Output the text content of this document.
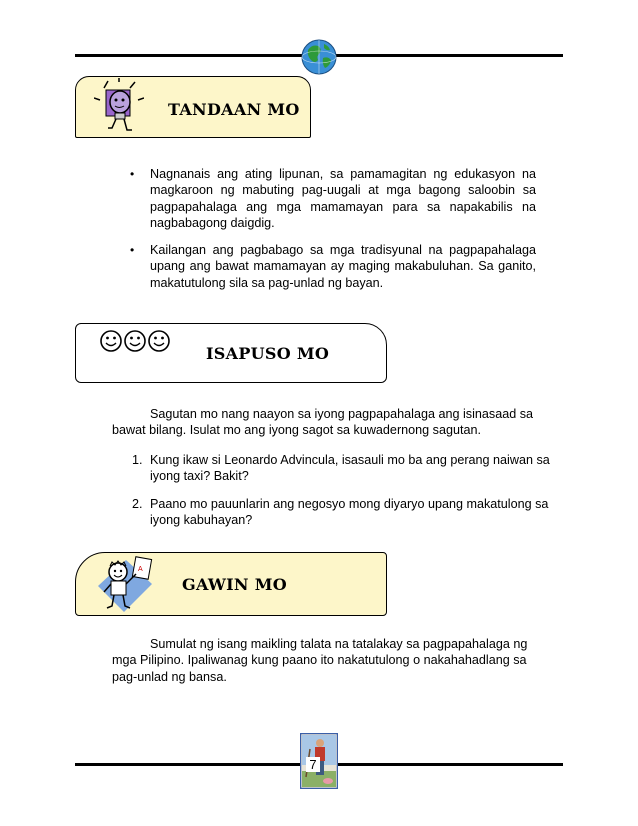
TANDAAN MO
• Nagnanais ang ating lipunan, sa pamamagitan ng edukasyon na magkaroon ng mabuting pag-uugali at mga bagong saloobin sa pagpapahalaga ang mga mamamayan para sa napakabilis na nagbabagong daigdig.
• Kailangan ang pagbabago sa mga tradisyunal na pagpapahalaga upang ang bawat mamamayan ay maging makabuluhan. Sa ganito, makatutulong sila sa pag-unlad ng bayan.
ISAPUSO MO
Sagutan mo nang naayon sa iyong pagpapahalaga ang isinasaad sa bawat bilang. Isulat mo ang iyong sagot sa kuwadernong sagutan.
1. Kung ikaw si Leonardo Advincula, isasauli mo ba ang perang naiwan sa iyong taxi? Bakit?
2. Paano mo pauunlarin ang negosyo mong diyaryo upang makatulong sa iyong kabuhayan?
A
GAWIN MO
Sumulat ng isang maikling talata na tatalakay sa pagpapahalaga ng mga Pilipino. Ipaliwanag kung paano ito nakatutulong o nakahahadlang sa pag-unlad ng bansa.
7
